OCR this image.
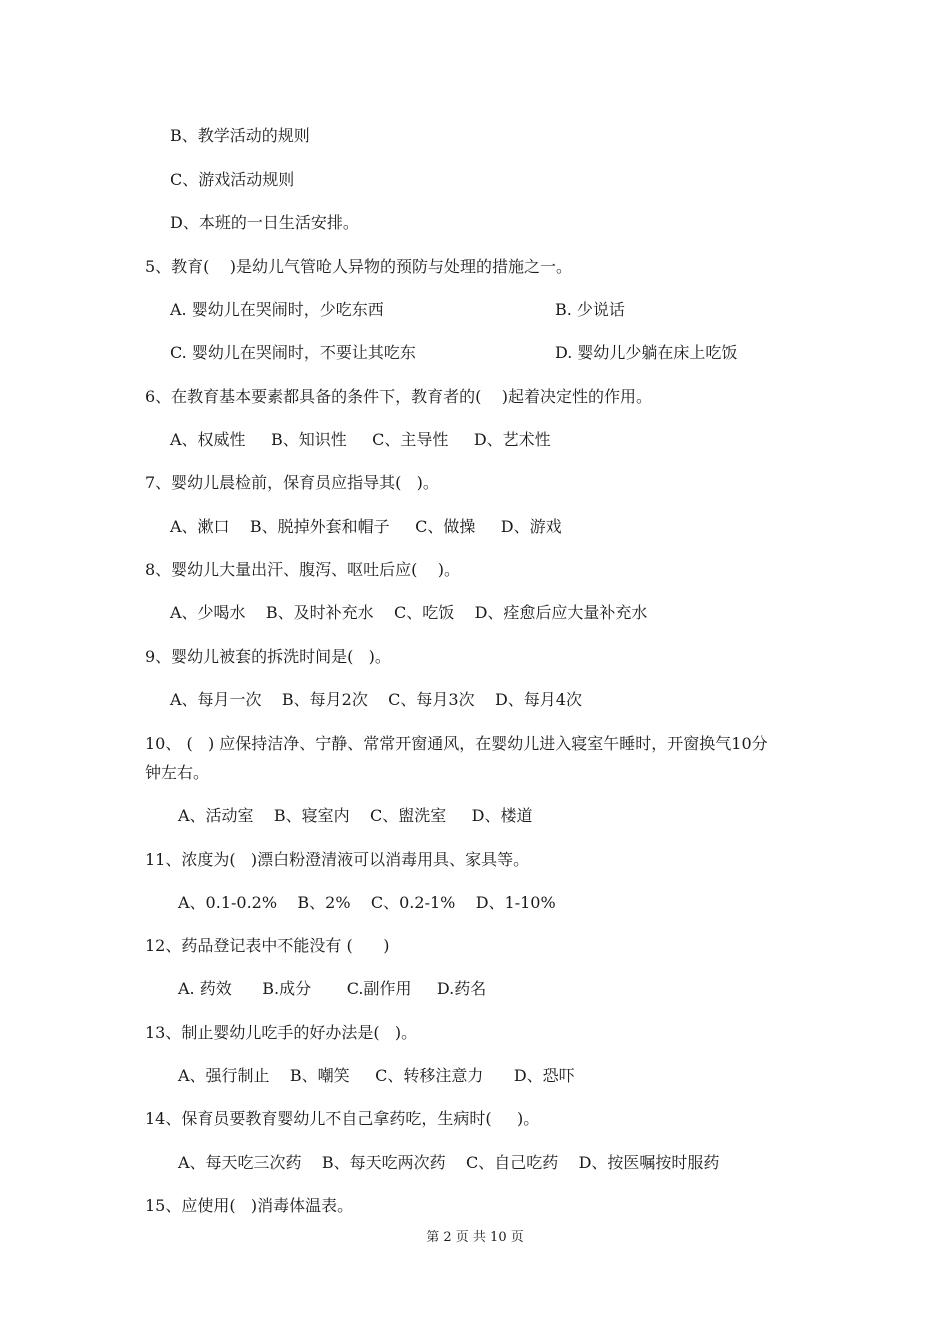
B、教学活动的规则
C、游戏活动规则
D、本班的一日生活安排。
5、教育(    )是幼儿气管呛人异物的预防与处理的措施之一。
A. 婴幼儿在哭闹时，少吃东西	B. 少说话
C. 婴幼儿在哭闹时，不要让其吃东	D. 婴幼儿少躺在床上吃饭
6、在教育基本要素都具备的条件下，教育者的(    )起着决定性的作用。
A、权威性     B、知识性     C、主导性     D、艺术性
7、婴幼儿晨检前，保育员应指导其(   )。
A、漱口    B、脱掉外套和帽子     C、做操     D、游戏
8、婴幼儿大量出汗、腹泻、呕吐后应(    )。
A、少喝水    B、及时补充水    C、吃饭    D、痊愈后应大量补充水
9、婴幼儿被套的拆洗时间是(   )。
A、每月一次    B、每月2次    C、每月3次    D、每月4次
10、 (   ) 应保持洁净、宁静、常常开窗通风，在婴幼儿进入寝室午睡时，开窗换气10分
钟左右。
A、活动室    B、寝室内    C、盥洗室     D、楼道
11、浓度为(   )漂白粉澄清液可以消毒用具、家具等。
A、0.1-0.2%    B、2%    C、0.2-1%    D、1-10%
12、药品登记表中不能没有 (      )
A. 药效      B.成分       C.副作用     D.药名
13、制止婴幼儿吃手的好办法是(   )。
A、强行制止    B、嘲笑     C、转移注意力      D、恐吓
14、保育员要教育婴幼儿不自己拿药吃，生病时(     )。
A、每天吃三次药    B、每天吃两次药    C、自己吃药    D、按医嘱按时服药
15、应使用(   )消毒体温表。
第 2 页 共 10 页
